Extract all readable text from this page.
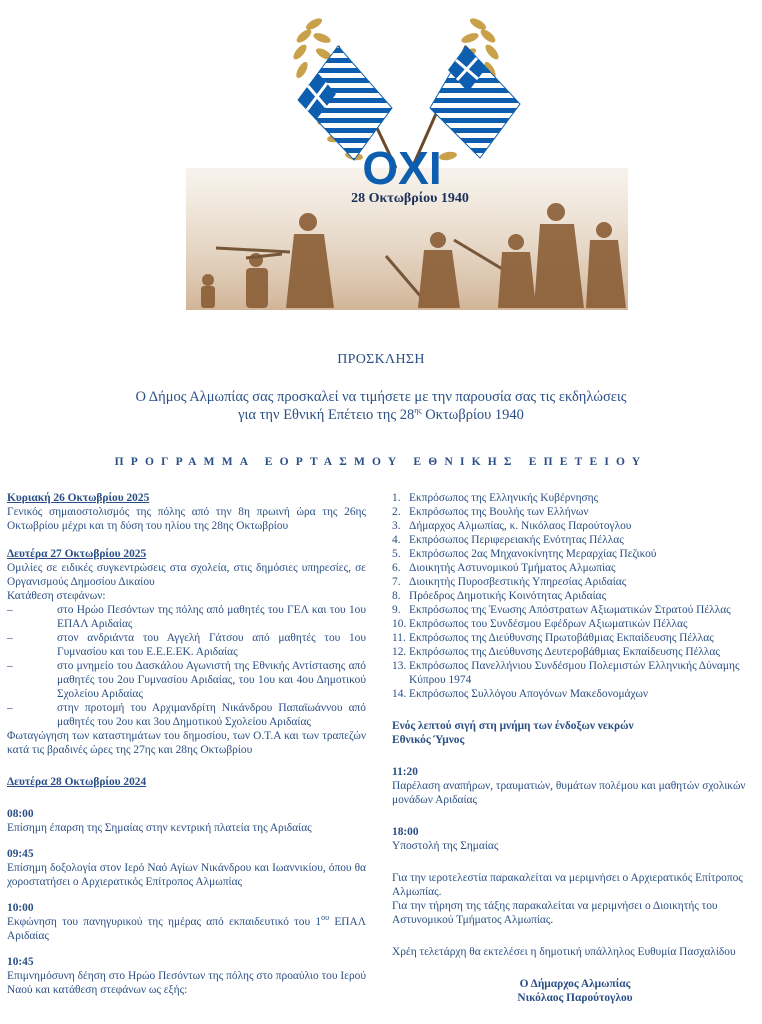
ΟΧΙ
28 Οκτωβρίου 1940
ΠΡΟΣΚΛΗΣΗ
Ο Δήμος Αλμωπίας σας προσκαλεί να τιμήσετε με την παρουσία σας τις εκδηλώσεις
για την Εθνική Επέτειο της $28^{\eta\varsigma}$ Οκτωβρίου 1940
ΠΡΟΓΡΑΜΜΑ ΕΟΡΤΑΣΜΟΥ ΕΘΝΙΚΗΣ ΕΠΕΤΕΙΟΥ

Κυριακή 26 Οκτωβρίου 2025

Γενικός σημαιοστολισμός της πόλης από την 8η πρωινή ώρα της 26ης Οκτωβρίου μέχρι και τη δύση του ηλίου της 28ης Οκτωβρίου

Δευτέρα 27 Οκτωβρίου 2025

Ομιλίες σε ειδικές συγκεντρώσεις στα σχολεία, στις δημόσιες υπηρεσίες, σε Οργανισμούς Δημοσίου Δικαίου

Κατάθεση στεφάνων:

–	στο Ηρώο Πεσόντων της πόλης από μαθητές του ΓΕΛ και του 1ου ΕΠΑΛ Αριδαίας
–	στον ανδριάντα του Αγγελή Γάτσου από μαθητές του 1ου Γυμνασίου και του Ε.Ε.Ε.ΕΚ. Αριδαίας
–	στο μνημείο του Δασκάλου Αγωνιστή της Εθνικής Αντίστασης από μαθητές του 2ου Γυμνασίου Αριδαίας, του 1ου και 4ου Δημοτικού Σχολείου Αριδαίας
–	στην προτομή του Αρχιμανδρίτη Νικάνδρου Παπαϊωάννου από μαθητές του 2ου και 3ου Δημοτικού Σχολείου Αριδαίας

Φωταγώγηση των καταστημάτων του δημοσίου, των Ο.Τ.Α και των τραπεζών κατά τις βραδινές ώρες της 27ης και 28ης Οκτωβρίου

Δευτέρα 28 Οκτωβρίου 2024

08:00

Επίσημη έπαρση της Σημαίας στην κεντρική πλατεία της Αριδαίας

09:45

Επίσημη δοξολογία στον Ιερό Ναό Αγίων Νικάνδρου και Ιωαννικίου, όπου θα χοροστατήσει ο Αρχιερατικός Επίτροπος Αλμωπίας

10:00

Εκφώνηση του πανηγυρικού της ημέρας από εκπαιδευτικό του $1^{o\upsilon}$ ΕΠΑΛ Αριδαίας

10:45

Επιμνημόσυνη δέηση στο Ηρώο Πεσόντων της πόλης στο προαύλιο του Ιερού Ναού και κατάθεση στεφάνων ως εξής:

1. Εκπρόσωπος της Ελληνικής Κυβέρνησης
2. Εκπρόσωπος της Βουλής των Ελλήνων
3. Δήμαρχος Αλμωπίας, κ. Νικόλαος Παρούτογλου
4. Εκπρόσωπος Περιφερειακής Ενότητας Πέλλας
5. Εκπρόσωπος 2ας Μηχανοκίνητης Μεραρχίας Πεζικού
6. Διοικητής Αστυνομικού Τμήματος Αλμωπίας
7. Διοικητής Πυροσβεστικής Υπηρεσίας Αριδαίας
8. Πρόεδρος Δημοτικής Κοινότητας Αριδαίας
9. Εκπρόσωπος της Ένωσης Απόστρατων Αξιωματικών Στρατού Πέλλας
10. Εκπρόσωπος του Συνδέσμου Εφέδρων Αξιωματικών Πέλλας
11. Εκπρόσωπος της Διεύθυνσης Πρωτοβάθμιας Εκπαίδευσης Πέλλας
12. Εκπρόσωπος της Διεύθυνσης Δευτεροβάθμιας Εκπαίδευσης Πέλλας
13. Εκπρόσωπος Πανελλήνιου Συνδέσμου Πολεμιστών Ελληνικής Δύναμης Κύπρου 1974
14. Εκπρόσωπος Συλλόγου Απογόνων Μακεδονομάχων

Ενός λεπτού σιγή στη μνήμη των ένδοξων νεκρών

Εθνικός Ύμνος

11:20

Παρέλαση αναπήρων, τραυματιών, θυμάτων πολέμου και μαθητών σχολικών μονάδων Αριδαίας

18:00

Υποστολή της Σημαίας

Για την ιεροτελεστία παρακαλείται να μεριμνήσει ο Αρχιερατικός Επίτροπος Αλμωπίας.

Για την τήρηση της τάξης παρακαλείται να μεριμνήσει ο Διοικητής του Αστυνομικού Τμήματος Αλμωπίας.

Χρέη τελετάρχη θα εκτελέσει η δημοτική υπάλληλος Ευθυμία Πασχαλίδου

Ο Δήμαρχος Αλμωπίας

Νικόλαος Παρούτογλου
